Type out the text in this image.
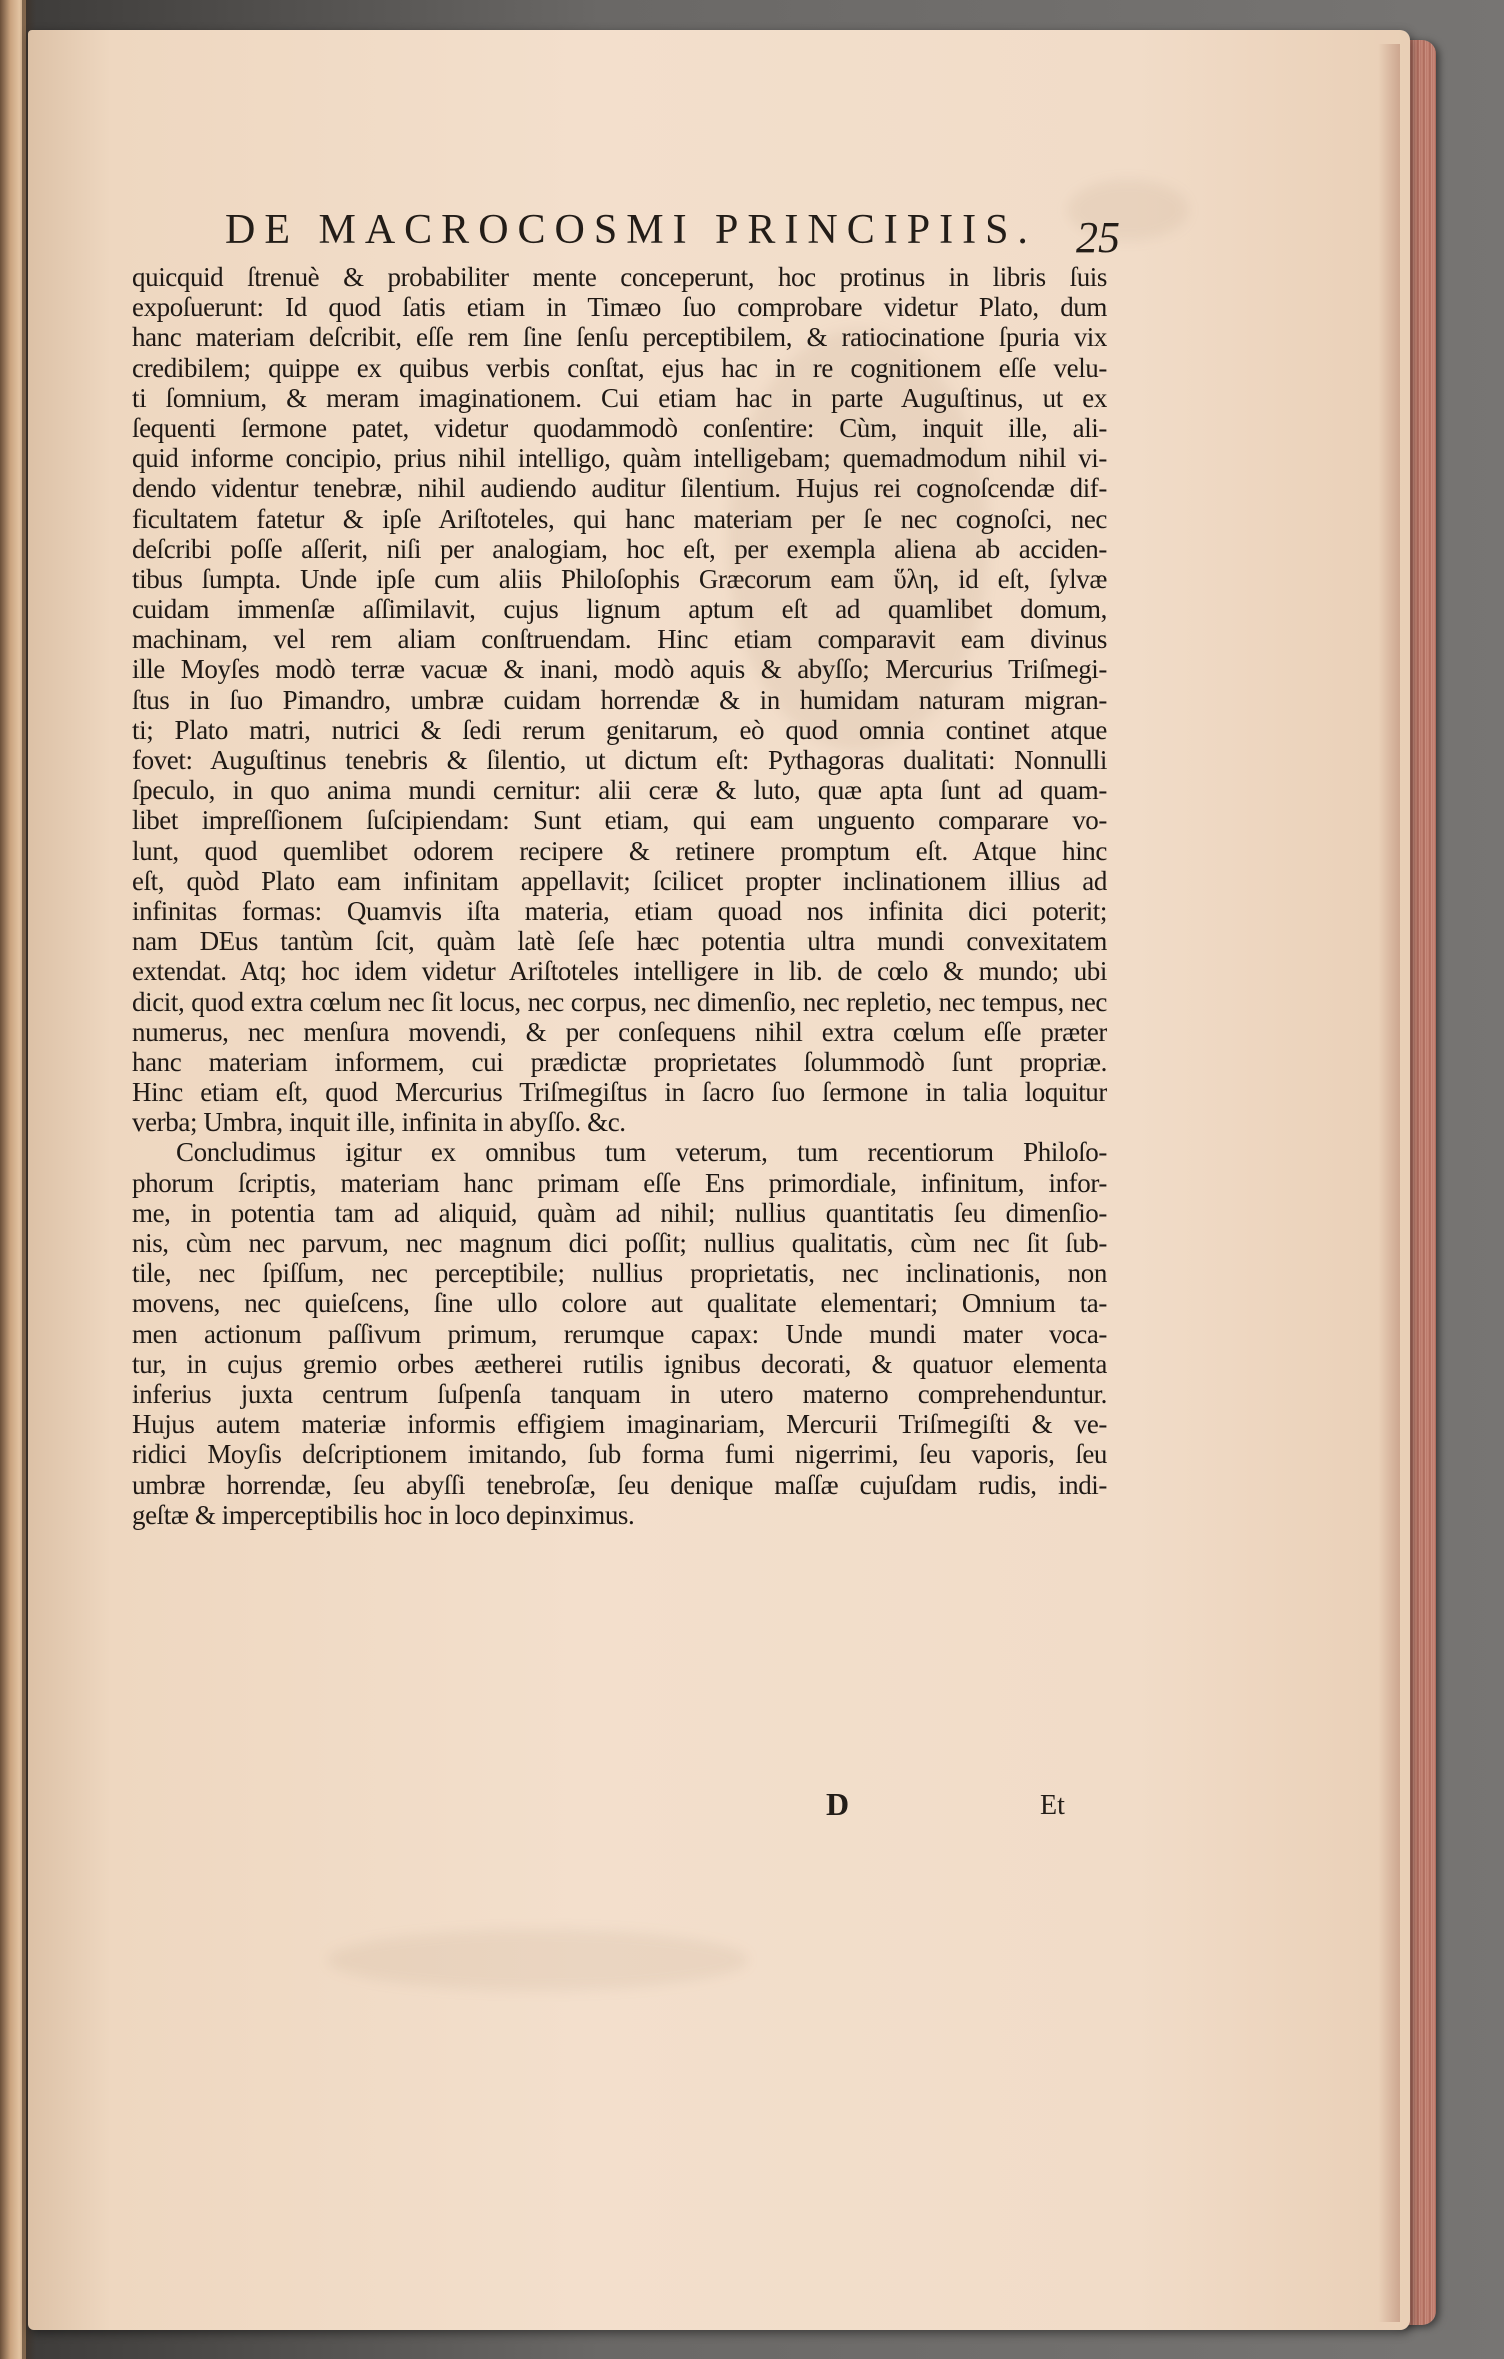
DE MACROCOSMI PRINCIPIIS. 25
quicquid ſtrenuè & probabiliter mente conceperunt, hoc protinus in libris ſuis
expoſuerunt: Id quod ſatis etiam in Timæo ſuo comprobare videtur Plato, dum
hanc materiam deſcribit, eſſe rem ſine ſenſu perceptibilem, & ratiocinatione ſpuria vix
credibilem; quippe ex quibus verbis conſtat, ejus hac in re cognitionem eſſe velu-
ti ſomnium, & meram imaginationem. Cui etiam hac in parte Auguſtinus, ut ex
ſequenti ſermone patet, videtur quodammodò conſentire: Cùm, inquit ille, ali-
quid informe concipio, prius nihil intelligo, quàm intelligebam; quemadmodum nihil vi-
dendo videntur tenebræ, nihil audiendo auditur ſilentium. Hujus rei cognoſcendæ dif-
ficultatem fatetur & ipſe Ariſtoteles, qui hanc materiam per ſe nec cognoſci, nec
deſcribi poſſe aſſerit, niſi per analogiam, hoc eſt, per exempla aliena ab acciden-
tibus ſumpta. Unde ipſe cum aliis Philoſophis Græcorum eam ὕλη, id eſt, ſylvæ
cuidam immenſæ aſſimilavit, cujus lignum aptum eſt ad quamlibet domum,
machinam, vel rem aliam conſtruendam. Hinc etiam comparavit eam divinus
ille Moyſes modò terræ vacuæ & inani, modò aquis & abyſſo; Mercurius Triſmegi-
ſtus in ſuo Pimandro, umbræ cuidam horrendæ & in humidam naturam migran-
ti; Plato matri, nutrici & ſedi rerum genitarum, eò quod omnia continet atque
fovet: Auguſtinus tenebris & ſilentio, ut dictum eſt: Pythagoras dualitati: Nonnulli
ſpeculo, in quo anima mundi cernitur: alii ceræ & luto, quæ apta ſunt ad quam-
libet impreſſionem ſuſcipiendam: Sunt etiam, qui eam unguento comparare vo-
lunt, quod quemlibet odorem recipere & retinere promptum eſt. Atque hinc
eſt, quòd Plato eam infinitam appellavit; ſcilicet propter inclinationem illius ad
infinitas formas: Quamvis iſta materia, etiam quoad nos infinita dici poterit;
nam DEus tantùm ſcit, quàm latè ſeſe hæc potentia ultra mundi convexitatem
extendat. Atq; hoc idem videtur Ariſtoteles intelligere in lib. de cœlo & mundo; ubi
dicit, quod extra cœlum nec ſit locus, nec corpus, nec dimenſio, nec repletio, nec tempus, nec
numerus, nec menſura movendi, & per conſequens nihil extra cœlum eſſe præter
hanc materiam informem, cui prædictæ proprietates ſolummodò ſunt propriæ.
Hinc etiam eſt, quod Mercurius Triſmegiſtus in ſacro ſuo ſermone in talia loquitur
verba; Umbra, inquit ille, infinita in abyſſo. &c.
Concludimus igitur ex omnibus tum veterum, tum recentiorum Philoſo-
phorum ſcriptis, materiam hanc primam eſſe Ens primordiale, infinitum, infor-
me, in potentia tam ad aliquid, quàm ad nihil; nullius quantitatis ſeu dimenſio-
nis, cùm nec parvum, nec magnum dici poſſit; nullius qualitatis, cùm nec ſit ſub-
tile, nec ſpiſſum, nec perceptibile; nullius proprietatis, nec inclinationis, non
movens, nec quieſcens, ſine ullo colore aut qualitate elementari; Omnium ta-
men actionum paſſivum primum, rerumque capax: Unde mundi mater voca-
tur, in cujus gremio orbes æetherei rutilis ignibus decorati, & quatuor elementa
inferius juxta centrum ſuſpenſa tanquam in utero materno comprehenduntur.
Hujus autem materiæ informis effigiem imaginariam, Mercurii Triſmegiſti & ve-
ridici Moyſis deſcriptionem imitando, ſub forma fumi nigerrimi, ſeu vaporis, ſeu
umbræ horrendæ, ſeu abyſſi tenebroſæ, ſeu denique maſſæ cujuſdam rudis, indi-
geſtæ & imperceptibilis hoc in loco depinximus.
D	Et
